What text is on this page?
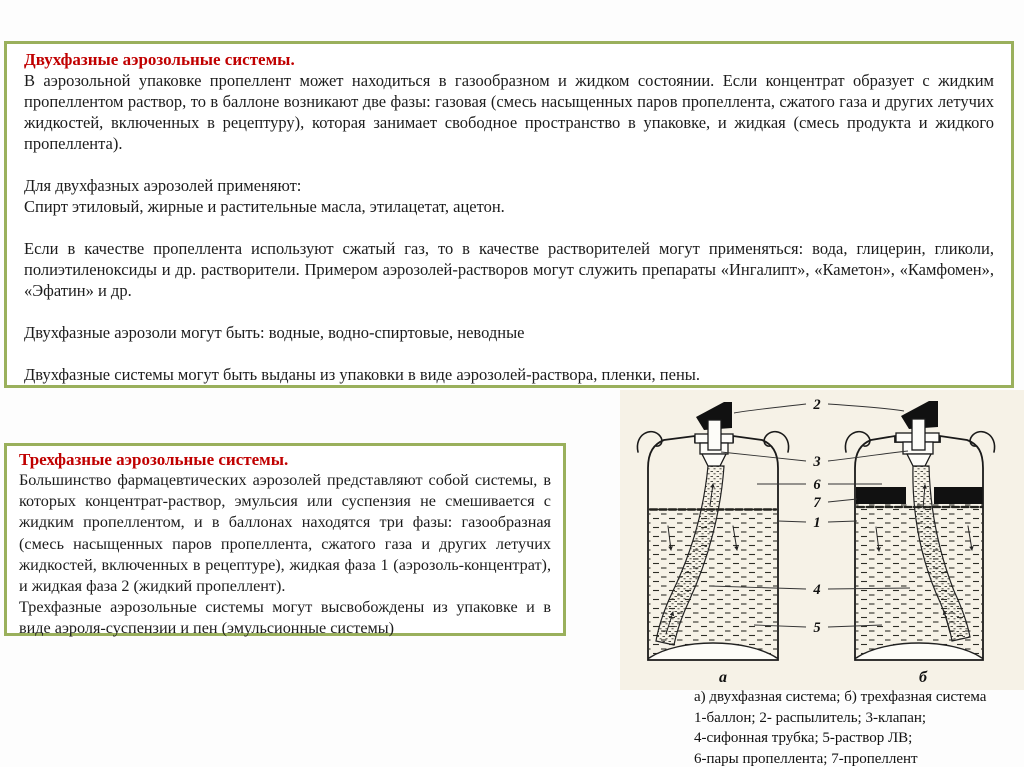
Двухфазные аэрозольные системы.

В аэрозольной упаковке пропеллент может находиться в газообразном и жидком состоянии. Если концентрат образует с жидким пропеллентом раствор, то в баллоне возникают две фазы: газовая (смесь насыщенных паров пропеллента, сжатого газа и других летучих жидкостей, включенных в рецептуру), которая занимает свободное пространство в упаковке, и жидкая (смесь продукта и жидкого пропеллента).

Для двухфазных аэрозолей применяют:

Спирт этиловый, жирные и растительные масла, этилацетат, ацетон.

Если в качестве пропеллента используют сжатый газ, то в качестве растворителей могут применяться: вода, глицерин, гликоли, полиэтиленоксиды и др. растворители. Примером аэрозолей-растворов могут служить препараты «Ингалипт», «Каметон», «Камфомен», «Эфатин» и др.

Двухфазные аэрозоли могут быть: водные, водно-спиртовые, неводные

Двухфазные системы могут быть выданы из упаковки в виде аэрозолей-раствора, пленки, пены.

Трехфазные аэрозольные системы.

Большинство фармацевтических аэрозолей представляют собой системы, в которых концентрат-раствор, эмульсия или суспензия не смешивается с жидким пропеллентом, и в баллонах находятся три фазы: газообразная (смесь насыщенных паров пропеллента, сжатого газа и других летучих жидкостей, включенных в рецептуре), жидкая фаза 1 (аэрозоль-концентрат), и жидкая фаза 2 (жидкий пропеллент).

Трехфазные аэрозольные системы могут высвобождены из упаковке и в виде аэроля-суспензии и пен (эмульсионные системы)

2
3
6
7
1
4
5
а	б
а) двухфазная система; б) трехфазная система
1-баллон; 2- распылитель; 3-клапан;
4-сифонная трубка; 5-раствор ЛВ;
6-пары пропеллента; 7-пропеллент
